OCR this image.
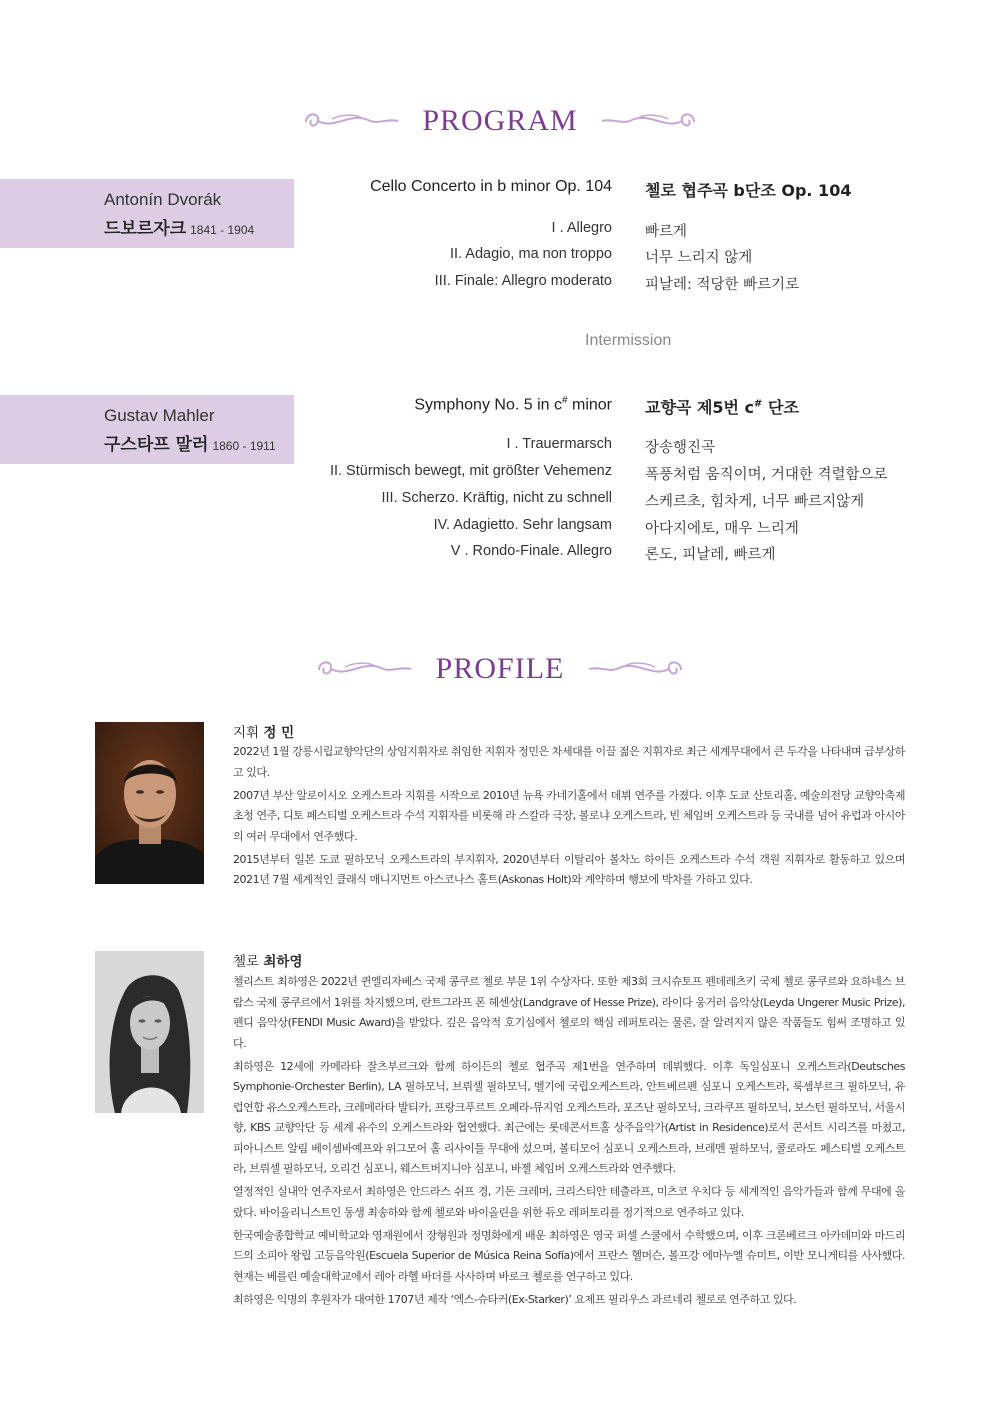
PROGRAM
Antonín Dvorák
드보르자크 1841 - 1904
Cello Concerto in b minor Op. 104 첼로 협주곡 b단조 Op. 104
I . Allegro 빠르게
II. Adagio, ma non troppo 너무 느리지 않게
III. Finale: Allegro moderato 피날레: 적당한 빠르기로
Intermission
Gustav Mahler
구스타프 말러 1860 - 1911
Symphony No. 5 in c# minor 교향곡 제5번 c# 단조
I . Trauermarsch 장송행진곡
II. Stürmisch bewegt, mit größter Vehemenz 폭풍처럼 움직이며, 거대한 격렬함으로
III. Scherzo. Kräftig, nicht zu schnell 스케르초, 힘차게, 너무 빠르지않게
IV. Adagietto. Sehr langsam 아다지에토, 매우 느리게
V . Rondo-Finale. Allegro 론도, 피날레, 빠르게
PROFILE
지휘 정 민

2022년 1월 강릉시립교향악단의 상임지휘자로 취임한 지휘자 정민은 차세대를 이끌 젊은 지휘자로 최근 세계무대에서 큰 두각을 나타내며 급부상하고 있다.

2007년 부산 알로이시오 오케스트라 지휘를 시작으로 2010년 뉴욕 카네기홀에서 데뷔 연주를 가졌다. 이후 도쿄 산토리홀, 예술의전당 교향악축제 초청 연주, 디토 페스티벌 오케스트라 수석 지휘자를 비롯해 라 스칼라 극장, 볼로냐 오케스트라, 빈 체임버 오케스트라 등 국내를 넘어 유럽과 아시아의 여러 무대에서 연주했다.

2015년부터 일본 도쿄 필하모닉 오케스트라의 부지휘자, 2020년부터 이탈리아 볼차노 하이든 오케스트라 수석 객원 지휘자로 활동하고 있으며 2021년 7월 세계적인 클래식 매니지먼트 아스코나스 홀트(Askonas Holt)와 계약하며 행보에 박차를 가하고 있다.

첼로 최하영

첼리스트 최하영은 2022년 퀸엘리자베스 국제 콩쿠르 첼로 부문 1위 수상자다. 또한 제3회 크시슈토프 펜데레츠키 국제 첼로 콩쿠르와 요하네스 브람스 국제 콩쿠르에서 1위를 차지했으며, 란트그라프 폰 헤센상(Landgrave of Hesse Prize), 라이다 웅거러 음악상(Leyda Ungerer Music Prize), 펜디 음악상(FENDI Music Award)을 받았다. 깊은 음악적 호기심에서 첼로의 핵심 레퍼토리는 물론, 잘 알려지지 않은 작품들도 힘써 조명하고 있다.

최하영은 12세에 카메라타 잘츠부르크와 함께 하이든의 첼로 협주곡 제1번을 연주하며 데뷔했다. 이후 독일심포니 오케스트라(Deutsches Symphonie-Orchester Berlin), LA 필하모닉, 브뤼셀 필하모닉, 벨기에 국립오케스트라, 안트베르펜 심포니 오케스트라, 룩셈부르크 필하모닉, 유럽연합 유스오케스트라, 크레메라타 발티카, 프랑크푸르트 오페라-뮤지엄 오케스트라, 포즈난 필하모닉, 크라쿠프 필하모닉, 보스턴 필하모닉, 서울시향, KBS 교향악단 등 세계 유수의 오케스트라와 협연했다. 최근에는 롯데콘서트홀 상주음악가(Artist in Residence)로서 콘서트 시리즈를 마쳤고, 피아니스트 알림 베이셈바예프와 위그모어 홀 리사이틀 무대에 섰으며, 볼티모어 심포니 오케스트라, 브레멘 필하모닉, 콜로라도 페스티벌 오케스트라, 브뤼셀 필하모닉, 오리건 심포니, 웨스트버지니아 심포니, 바젤 체임버 오케스트라와 연주했다.

열정적인 실내악 연주자로서 최하영은 안드라스 쉬프 경, 기돈 크레머, 크리스티안 테츨라프, 미츠코 우치다 등 세계적인 음악가들과 함께 무대에 올랐다. 바이올리니스트인 동생 최송하와 함께 첼로와 바이올린을 위한 듀오 레퍼토리를 정기적으로 연주하고 있다.

한국예술종합학교 예비학교와 영재원에서 장형원과 정명화에게 배운 최하영은 영국 퍼셀 스쿨에서 수학했으며, 이후 크론베르크 아카데미와 마드리드의 소피아 왕립 고등음악원(Escuela Superior de Música Reina Sofía)에서 프란스 헬머슨, 볼프강 에마누엘 슈미트, 이반 모니게티를 사사했다. 현재는 베를린 예술대학교에서 레아 라헬 바더를 사사하며 바로크 첼로를 연구하고 있다.

최하영은 익명의 후원자가 대여한 1707년 제작 ‘엑스-슈타커(Ex-Starker)’ 요제프 필리우스 과르네리 첼로로 연주하고 있다.
